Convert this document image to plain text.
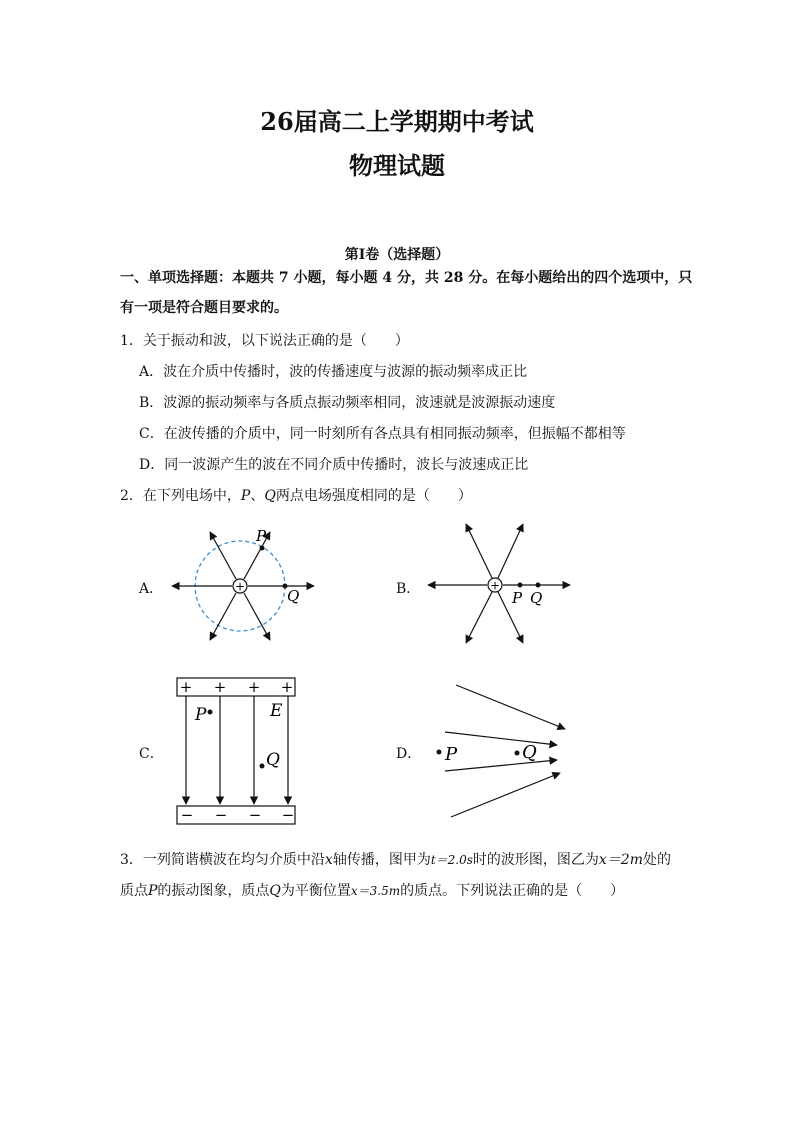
26届高二上学期期中考试
物理试题
第Ⅰ卷（选择题）
一、单项选择题：本题共 7 小题，每小题 4 分，共 28 分。在每小题给出的四个选项中，只
有一项是符合题目要求的。
1．关于振动和波，以下说法正确的是（　　）
A．波在介质中传播时，波的传播速度与波源的振动频率成正比
B．波源的振动频率与各质点振动频率相同，波速就是波源振动速度
C．在波传播的介质中，同一时刻所有各点具有相同振动频率，但振幅不都相等
D．同一波源产生的波在不同介质中传播时，波长与波速成正比
2．在下列电场中，P、Q两点电场强度相同的是（　　）
A．	B．
C．	D．
+
P
Q
+
P Q
+ + + +
− − − −
P	E
Q	P	Q
3．一列简谐横波在均匀介质中沿x轴传播，图甲为t＝2.0s时的波形图，图乙为x＝2m处的
质点P的振动图象，质点Q为平衡位置x＝3.5m的质点。下列说法正确的是（　　）
